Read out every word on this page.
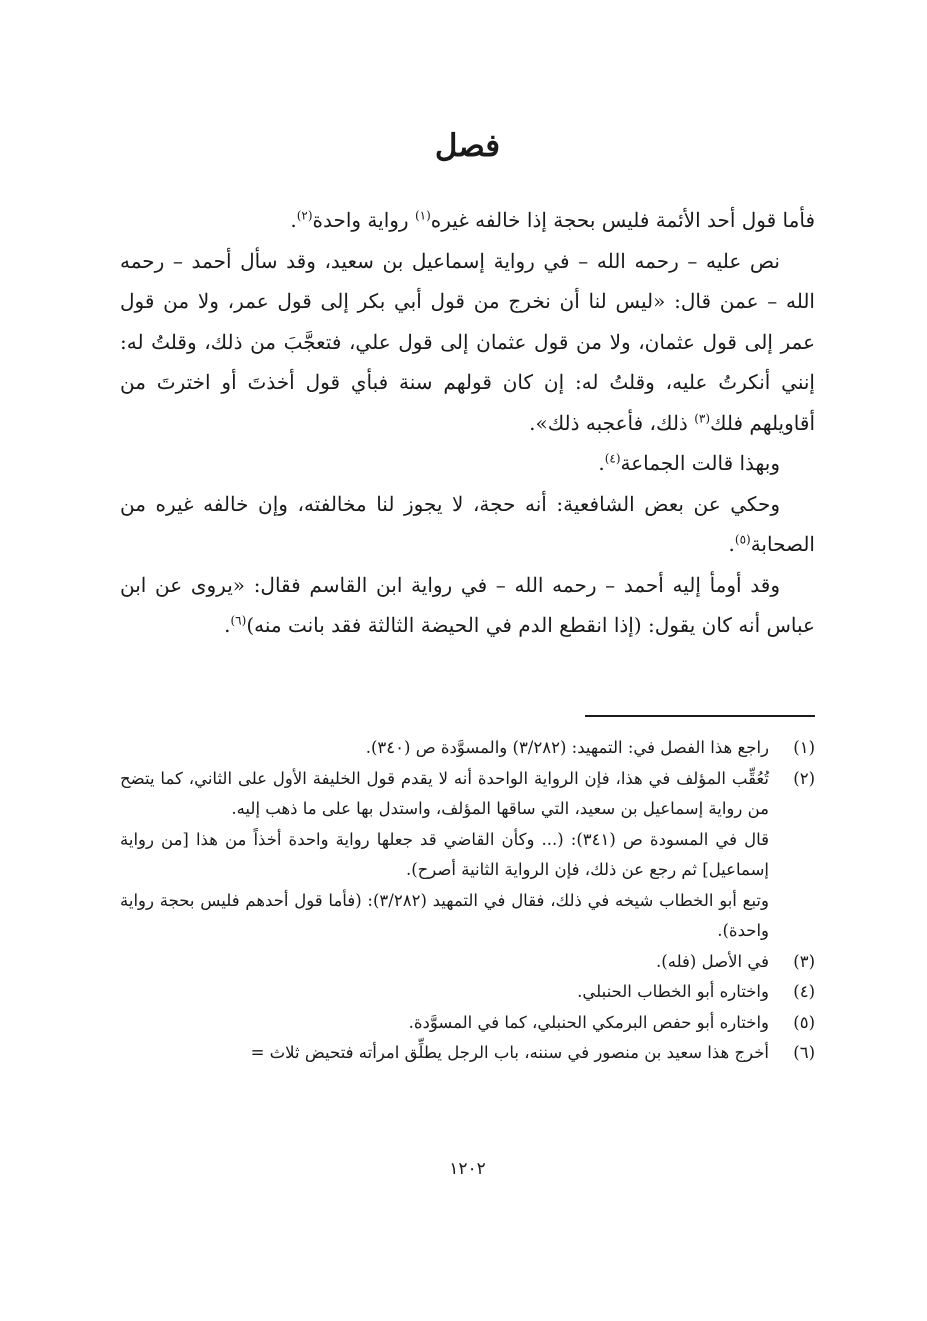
فصل

فأما قول أحد الأئمة فليس بحجة إذا خالفه غيره$^{(١)}$ رواية واحدة$^{(٢)}$.

نص عليه – رحمه الله – في رواية إسماعيل بن سعيد، وقد سأل أحمد – رحمه الله – عمن قال: «ليس لنا أن نخرج من قول أبي بكر إلى قول عمر، ولا من قول عمر إلى قول عثمان، ولا من قول عثمان إلى قول علي، فتعجَّبَ من ذلك، وقلتُ له: إنني أنكرتُ عليه، وقلتُ له: إن كان قولهم سنة فبأي قول أخذتَ أو اخترتَ من أقاويلهم فلك$^{(٣)}$ ذلك، فأعجبه ذلك».

وبهذا قالت الجماعة$^{(٤)}$.

وحكي عن بعض الشافعية: أنه حجة، لا يجوز لنا مخالفته، وإن خالفه غيره من الصحابة$^{(٥)}$.

وقد أومأ إليه أحمد – رحمه الله – في رواية ابن القاسم فقال: «يروى عن ابن عباس أنه كان يقول: (إذا انقطع الدم في الحيضة الثالثة فقد بانت منه)$^{(٦)}$.

(١)

راجع هذا الفصل في: التمهيد: (٣/٢٨٢) والمسوَّدة ص (٣٤٠).

(٢)

تُعُقِّب المؤلف في هذا، فإن الرواية الواحدة أنه لا يقدم قول الخليفة الأول على الثاني، كما يتضح من رواية إسماعيل بن سعيد، التي ساقها المؤلف، واستدل بها على ما ذهب إليه.

قال في المسودة ص (٣٤١): (... وكأن القاضي قد جعلها رواية واحدة أخذاً من هذا [من رواية إسماعيل] ثم رجع عن ذلك، فإن الرواية الثانية أصرح).

وتبع أبو الخطاب شيخه في ذلك، فقال في التمهيد (٣/٢٨٢): (فأما قول أحدهم فليس بحجة رواية واحدة).

(٣)

في الأصل (فله).

(٤)

واختاره أبو الخطاب الحنبلي.

(٥)

واختاره أبو حفص البرمكي الحنبلي، كما في المسوَّدة.

(٦)

أخرج هذا سعيد بن منصور في سننه، باب الرجل يطلِّق امرأته فتحيض ثلاث =

١٢٠٢
